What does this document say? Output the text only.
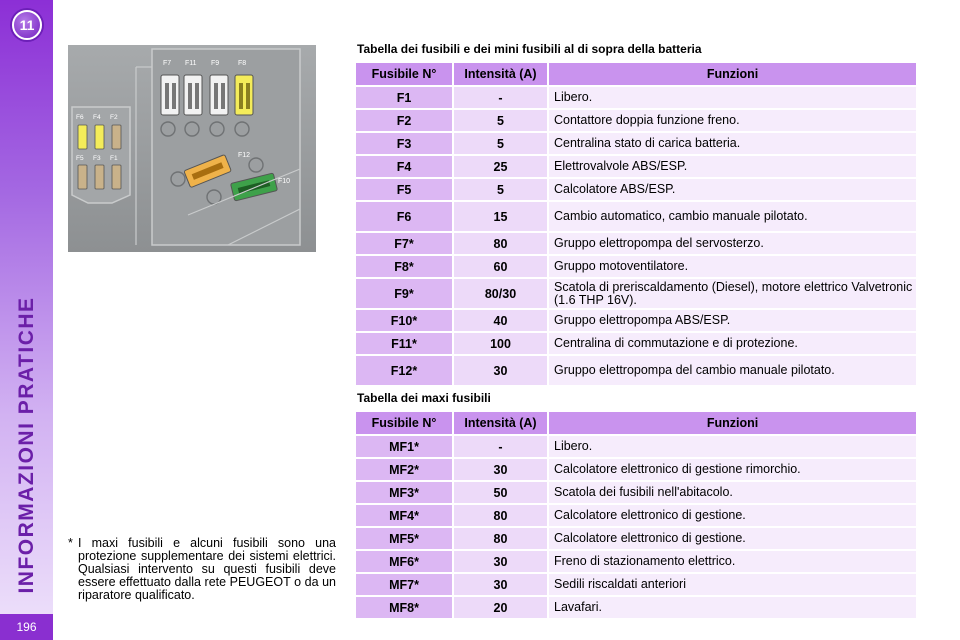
11
INFORMAZIONI PRATICHE
196
F7 F11 F9	F8
F12
F10
F6 F4 F2
F5 F3 F1
Tabella dei fusibili e dei mini fusibili al di sopra della batteria
Fusibile N°	Intensità (A)	Funzioni
F1	-	Libero.
F2	5	Contattore doppia funzione freno.
F3	5	Centralina stato di carica batteria.
F4	25	Elettrovalvole ABS/ESP.
F5	5	Calcolatore ABS/ESP.
F6	15	Cambio automatico, cambio manuale pilotato.
F7*	80	Gruppo elettropompa del servosterzo.
F8*	60	Gruppo motoventilatore.
F9*	80/30	Scatola di preriscaldamento (Diesel), motore elettrico Valvetronic (1.6 THP 16V).
F10*	40	Gruppo elettropompa ABS/ESP.
F11*	100	Centralina di commutazione e di protezione.
F12*	30	Gruppo elettropompa del cambio manuale pilotato.
Tabella dei maxi fusibili
Fusibile N°	Intensità (A)	Funzioni
MF1*	-	Libero.
MF2*	30	Calcolatore elettronico di gestione rimorchio.
MF3*	50	Scatola dei fusibili nell'abitacolo.
MF4*	80	Calcolatore elettronico di gestione.
MF5*	80	Calcolatore elettronico di gestione.
MF6*	30	Freno di stazionamento elettrico.
MF7*	30	Sedili riscaldati anteriori
MF8*	20	Lavafari.
* I maxi fusibili e alcuni fusibili sono una protezione supplementare dei sistemi elettrici. Qualsiasi intervento su questi fusibili deve essere effettuato dalla rete PEUGEOT o da un riparatore qualificato.
